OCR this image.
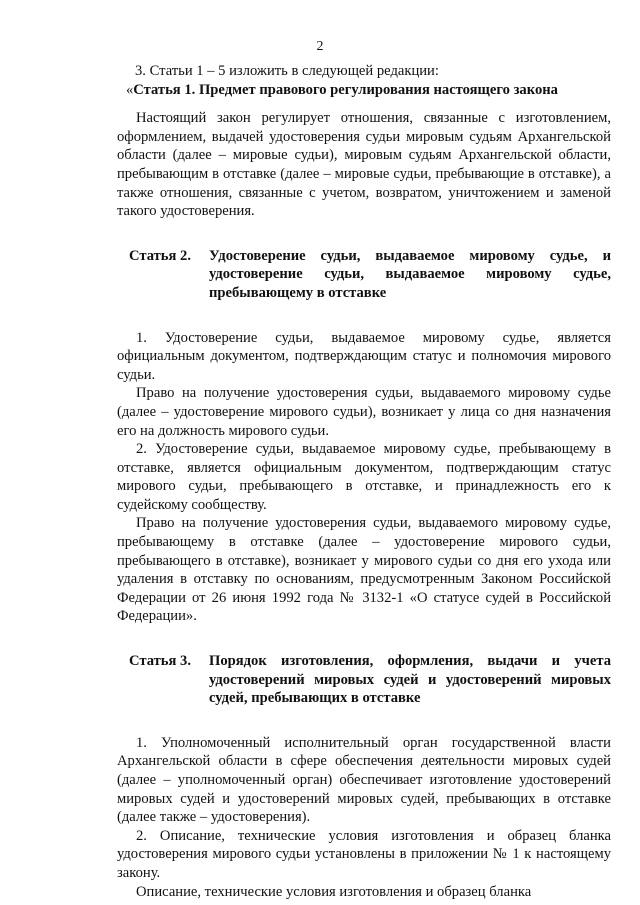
2

3. Статьи 1 – 5 изложить в следующей редакции:

«Статья 1. Предмет правового регулирования настоящего закона

Настоящий закон регулирует отношения, связанные с изготовлением, оформлением, выдачей удостоверения судьи мировым судьям Архангельской области (далее – мировые судьи), мировым судьям Архангельской области, пребывающим в отставке (далее – мировые судьи, пребывающие в отставке), а также отношения, связанные с учетом, возвратом, уничтожением и заменой такого удостоверения.

Статья 2.	Удостоверение судьи, выдаваемое мировому судье, и удостоверение судьи, выдаваемое мировому судье, пребывающему в отставке

1. Удостоверение судьи, выдаваемое мировому судье, является официальным документом, подтверждающим статус и полномочия мирового судьи.

Право на получение удостоверения судьи, выдаваемого мировому судье (далее – удостоверение мирового судьи), возникает у лица со дня назначения его на должность мирового судьи.

2. Удостоверение судьи, выдаваемое мировому судье, пребывающему в отставке, является официальным документом, подтверждающим статус мирового судьи, пребывающего в отставке, и принадлежность его к судейскому сообществу.

Право на получение удостоверения судьи, выдаваемого мировому судье, пребывающему в отставке (далее – удостоверение мирового судьи, пребывающего в отставке), возникает у мирового судьи со дня его ухода или удаления в отставку по основаниям, предусмотренным Законом Российской Федерации от 26 июня 1992 года № 3132-1 «О статусе судей в Российской Федерации».

Статья 3.	Порядок изготовления, оформления, выдачи и учета удостоверений мировых судей и удостоверений мировых судей, пребывающих в отставке

1. Уполномоченный исполнительный орган государственной власти Архангельской области в сфере обеспечения деятельности мировых судей (далее – уполномоченный орган) обеспечивает изготовление удостоверений мировых судей и удостоверений мировых судей, пребывающих в отставке (далее также – удостоверения).

2. Описание, технические условия изготовления и образец бланка удостоверения мирового судьи установлены в приложении № 1 к настоящему закону.

Описание, технические условия изготовления и образец бланка
